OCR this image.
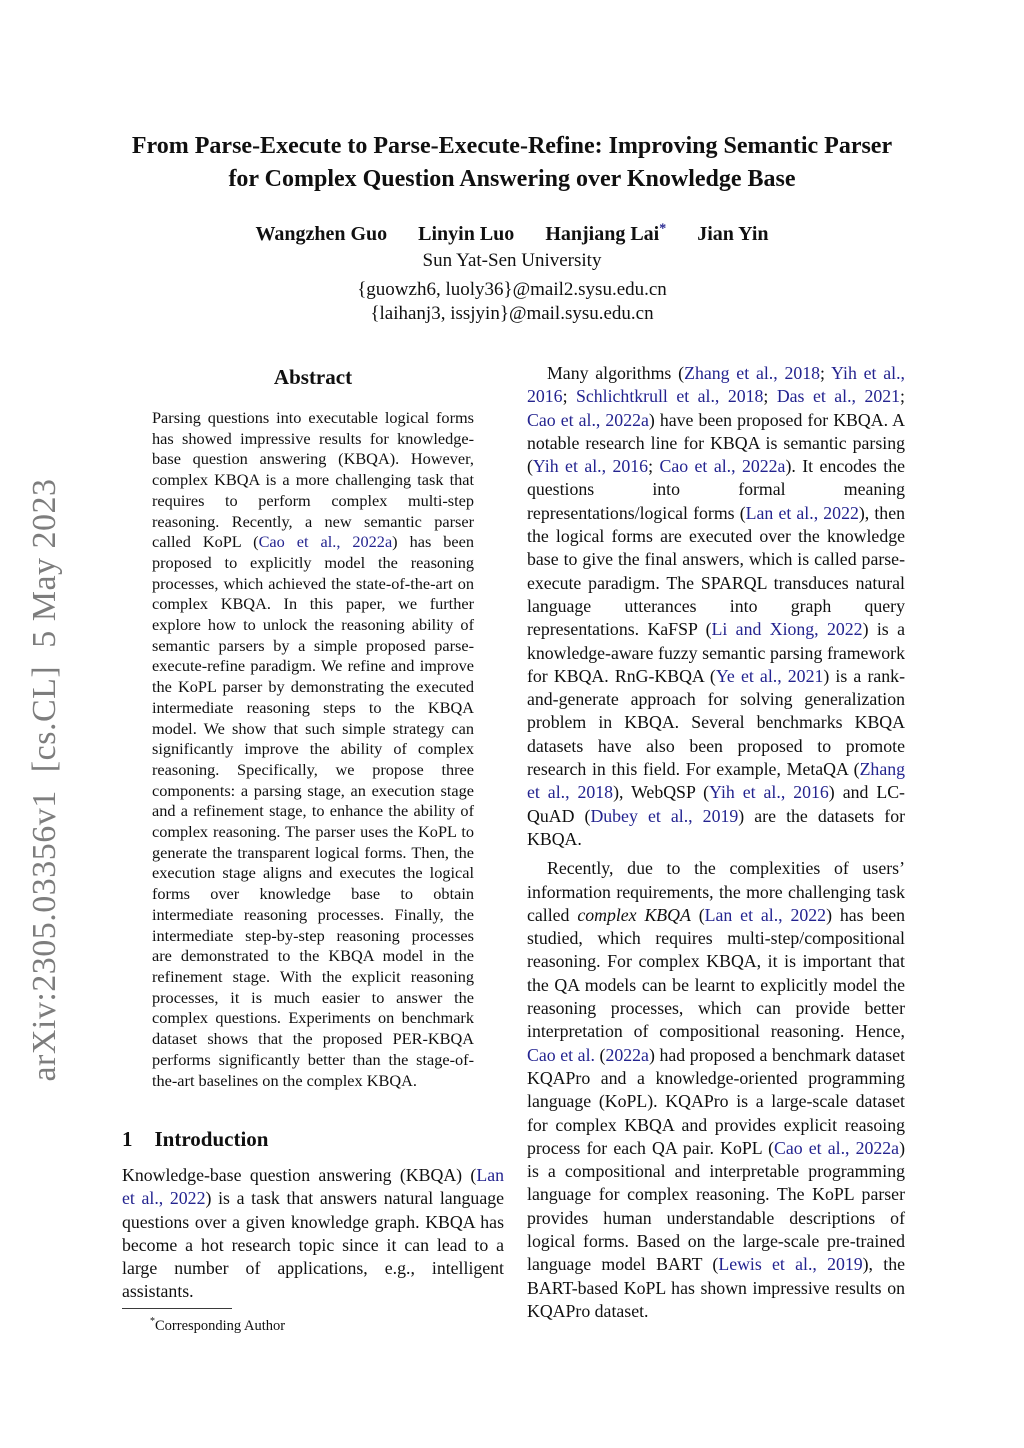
arXiv:2305.03356v1  [cs.CL]  5 May 2023
From Parse-Execute to Parse-Execute-Refine: Improving Semantic Parser
for Complex Question Answering over Knowledge Base
Wangzhen Guo Linyin Luo Hanjiang Lai* Jian Yin
Sun Yat-Sen University
{guowzh6, luoly36}@mail2.sysu.edu.cn
{laihanj3, issjyin}@mail.sysu.edu.cn
Abstract

Parsing questions into executable logical forms has showed impressive results for knowledge-base question answering (KBQA). However, complex KBQA is a more challenging task that requires to perform complex multi-step reasoning. Recently, a new semantic parser called KoPL (Cao et al., 2022a) has been proposed to explicitly model the reasoning processes, which achieved the state-of-the-art on complex KBQA. In this paper, we further explore how to unlock the reasoning ability of semantic parsers by a simple proposed parse-execute-refine paradigm. We refine and improve the KoPL parser by demonstrating the executed intermediate reasoning steps to the KBQA model. We show that such simple strategy can significantly improve the ability of complex reasoning. Specifically, we propose three components: a parsing stage, an execution stage and a refinement stage, to enhance the ability of complex reasoning. The parser uses the KoPL to generate the transparent logical forms. Then, the execution stage aligns and executes the logical forms over knowledge base to obtain intermediate reasoning processes. Finally, the intermediate step-by-step reasoning processes are demonstrated to the KBQA model in the refinement stage. With the explicit reasoning processes, it is much easier to answer the complex questions. Experiments on benchmark dataset shows that the proposed PER-KBQA performs significantly better than the stage-of-the-art baselines on the complex KBQA.

1 Introduction

Knowledge-base question answering (KBQA) (Lan et al., 2022) is a task that answers natural language questions over a given knowledge graph. KBQA has become a hot research topic since it can lead to a large number of applications, e.g., intelligent assistants.

*Corresponding Author

Many algorithms (Zhang et al., 2018; Yih et al., 2016; Schlichtkrull et al., 2018; Das et al., 2021; Cao et al., 2022a) have been proposed for KBQA. A notable research line for KBQA is semantic parsing (Yih et al., 2016; Cao et al., 2022a). It encodes the questions into formal meaning representations/logical forms (Lan et al., 2022), then the logical forms are executed over the knowledge base to give the final answers, which is called parse-execute paradigm. The SPARQL transduces natural language utterances into graph query representations. KaFSP (Li and Xiong, 2022) is a knowledge-aware fuzzy semantic parsing framework for KBQA. RnG-KBQA (Ye et al., 2021) is a rank-and-generate approach for solving generalization problem in KBQA. Several benchmarks KBQA datasets have also been proposed to promote research in this field. For example, MetaQA (Zhang et al., 2018), WebQSP (Yih et al., 2016) and LC-QuAD (Dubey et al., 2019) are the datasets for KBQA.

Recently, due to the complexities of users’ information requirements, the more challenging task called complex KBQA (Lan et al., 2022) has been studied, which requires multi-step/compositional reasoning. For complex KBQA, it is important that the QA models can be learnt to explicitly model the reasoning processes, which can provide better interpretation of compositional reasoning. Hence, Cao et al. (2022a) had proposed a benchmark dataset KQAPro and a knowledge-oriented programming language (KoPL). KQAPro is a large-scale dataset for complex KBQA and provides explicit reasoing process for each QA pair. KoPL (Cao et al., 2022a) is a compositional and interpretable programming language for complex reasoning. The KoPL parser provides human understandable descriptions of logical forms. Based on the large-scale pre-trained language model BART (Lewis et al., 2019), the BART-based KoPL has shown impressive results on KQAPro dataset.
